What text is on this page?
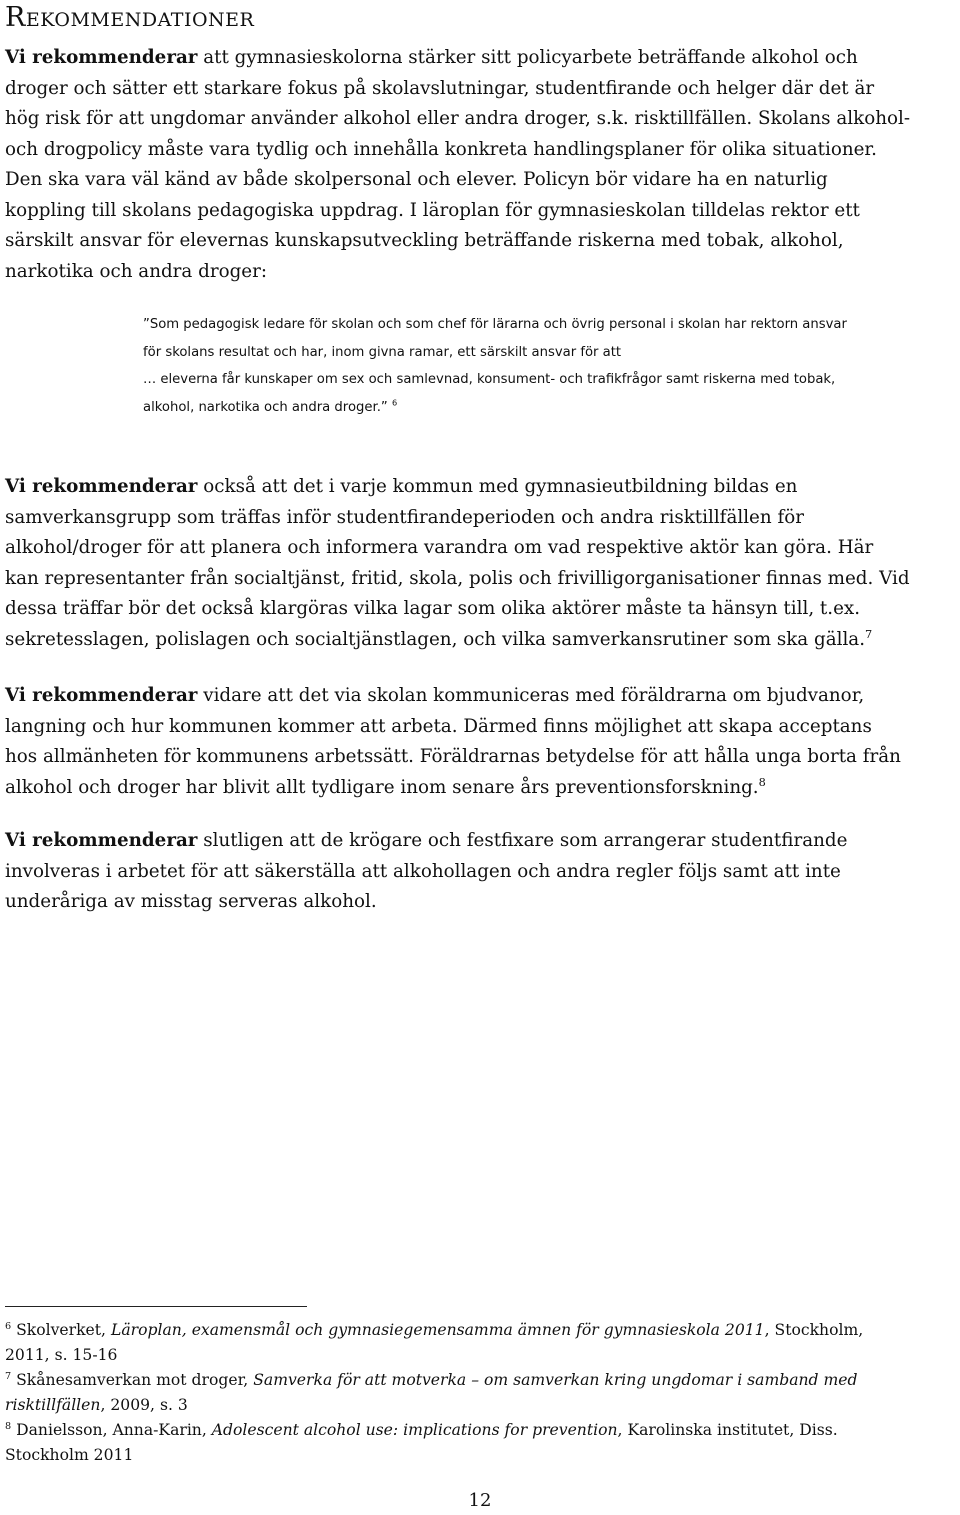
Rekommendationer
Vi rekommenderar att gymnasieskolorna stärker sitt policyarbete beträffande alkohol och
droger och sätter ett starkare fokus på skolavslutningar, studentfirande och helger där det är
hög risk för att ungdomar använder alkohol eller andra droger, s.k. risktillfällen. Skolans alkohol-
och drogpolicy måste vara tydlig och innehålla konkreta handlingsplaner för olika situationer.
Den ska vara väl känd av både skolpersonal och elever. Policyn bör vidare ha en naturlig
koppling till skolans pedagogiska uppdrag. I läroplan för gymnasieskolan tilldelas rektor ett
särskilt ansvar för elevernas kunskapsutveckling beträffande riskerna med tobak, alkohol,
narkotika och andra droger:
”Som pedagogisk ledare för skolan och som chef för lärarna och övrig personal i skolan har rektorn ansvar
för skolans resultat och har, inom givna ramar, ett särskilt ansvar för att
… eleverna får kunskaper om sex och samlevnad, konsument- och trafikfrågor samt riskerna med tobak,
alkohol, narkotika och andra droger.” $^6$
Vi rekommenderar också att det i varje kommun med gymnasieutbildning bildas en
samverkansgrupp som träffas inför studentfirandeperioden och andra risktillfällen för
alkohol/droger för att planera och informera varandra om vad respektive aktör kan göra. Här
kan representanter från socialtjänst, fritid, skola, polis och frivilligorganisationer finnas med. Vid
dessa träffar bör det också klargöras vilka lagar som olika aktörer måste ta hänsyn till, t.ex.
sekretesslagen, polislagen och socialtjänstlagen, och vilka samverkansrutiner som ska gälla.$^7$
Vi rekommenderar vidare att det via skolan kommuniceras med föräldrarna om bjudvanor,
langning och hur kommunen kommer att arbeta. Därmed finns möjlighet att skapa acceptans
hos allmänheten för kommunens arbetssätt. Föräldrarnas betydelse för att hålla unga borta från
alkohol och droger har blivit allt tydligare inom senare års preventionsforskning.$^8$
Vi rekommenderar slutligen att de krögare och festfixare som arrangerar studentfirande
involveras i arbetet för att säkerställa att alkohollagen och andra regler följs samt att inte
underåriga av misstag serveras alkohol.
$^6$ Skolverket, Läroplan, examensmål och gymnasiegemensamma ämnen för gymnasieskola 2011, Stockholm,
2011, s. 15-16
$^7$ Skånesamverkan mot droger, Samverka för att motverka – om samverkan kring ungdomar i samband med
risktillfällen, 2009, s. 3
$^8$ Danielsson, Anna-Karin, Adolescent alcohol use: implications for prevention, Karolinska institutet, Diss.
Stockholm 2011
12
